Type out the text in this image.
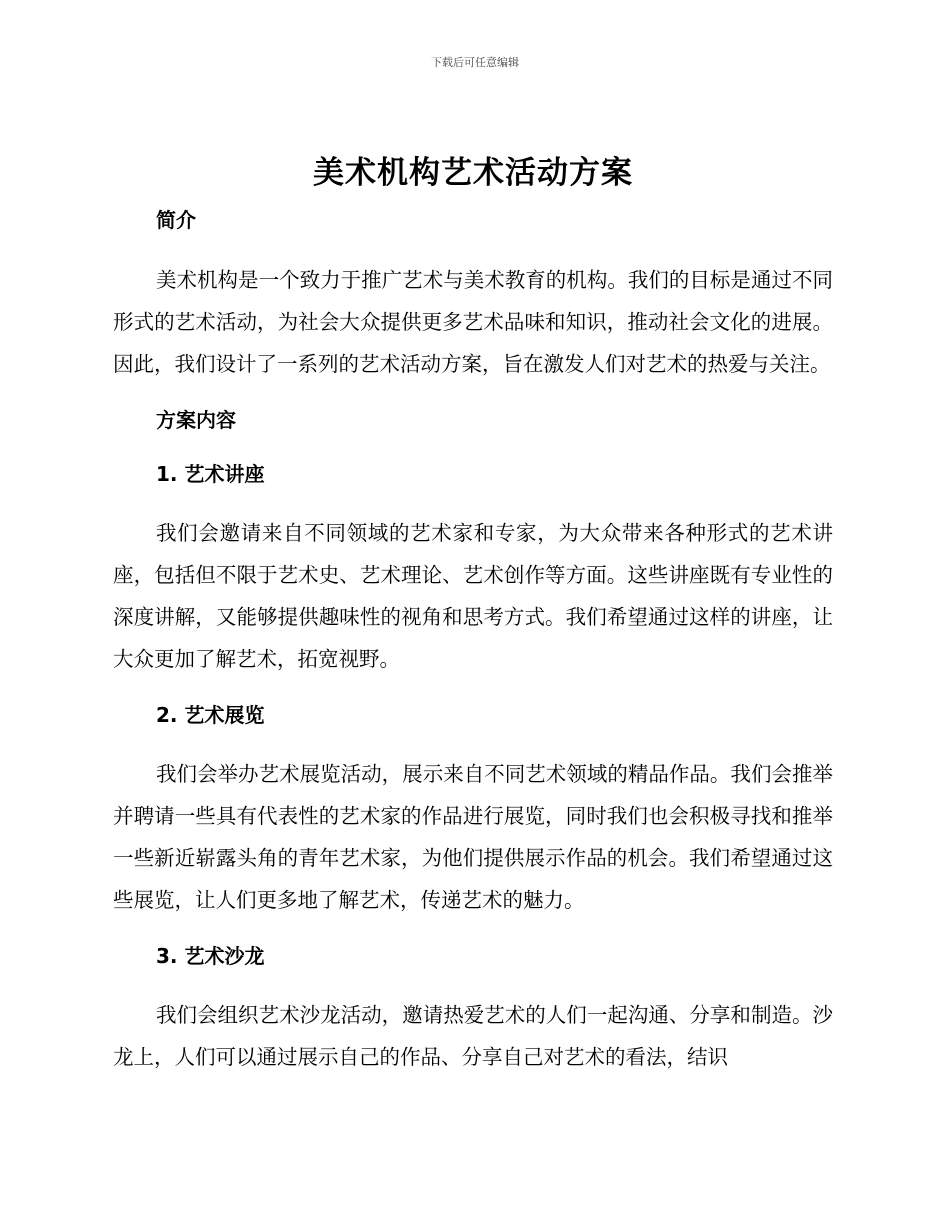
下载后可任意编辑
美术机构艺术活动方案
简介

美术机构是一个致力于推广艺术与美术教育的机构。我们的目标是通过不同形式的艺术活动，为社会大众提供更多艺术品味和知识，推动社会文化的进展。因此，我们设计了一系列的艺术活动方案，旨在激发人们对艺术的热爱与关注。

方案内容
1. 艺术讲座

我们会邀请来自不同领域的艺术家和专家，为大众带来各种形式的艺术讲座，包括但不限于艺术史、艺术理论、艺术创作等方面。这些讲座既有专业性的深度讲解，又能够提供趣味性的视角和思考方式。我们希望通过这样的讲座，让大众更加了解艺术，拓宽视野。

2. 艺术展览

我们会举办艺术展览活动，展示来自不同艺术领域的精品作品。我们会推举并聘请一些具有代表性的艺术家的作品进行展览，同时我们也会积极寻找和推举一些新近崭露头角的青年艺术家，为他们提供展示作品的机会。我们希望通过这些展览，让人们更多地了解艺术，传递艺术的魅力。

3. 艺术沙龙

我们会组织艺术沙龙活动，邀请热爱艺术的人们一起沟通、分享和制造。沙龙上，人们可以通过展示自己的作品、分享自己对艺术的看法，结识
